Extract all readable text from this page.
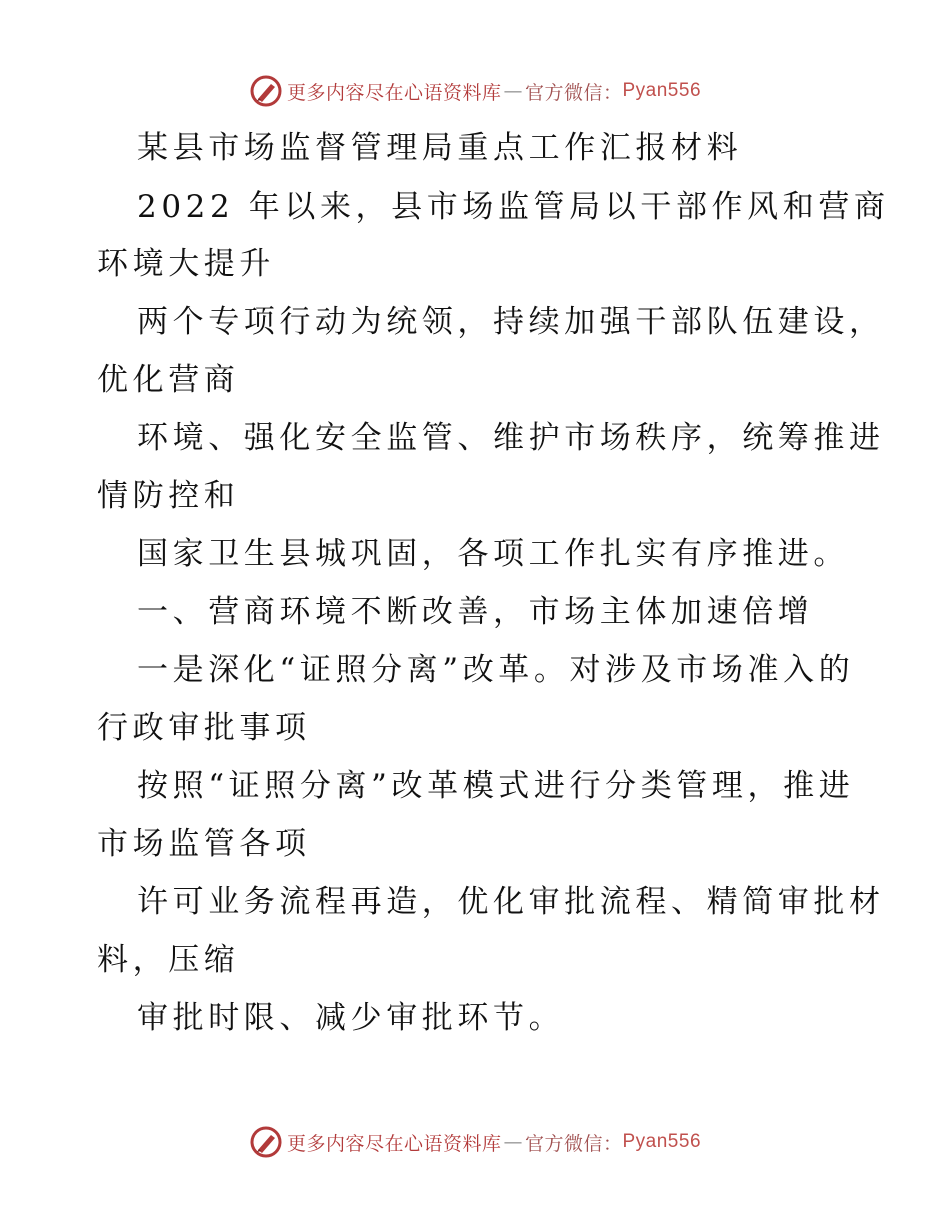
更多内容尽在心语资料库 — 官方微信： Pyan556
某县市场监督管理局重点工作汇报材料
2022 年以来，县市场监管局以干部作风和营商
环境大提升
两个专项行动为统领，持续加强干部队伍建设，
优化营商
环境、强化安全监管、维护市场秩序，统筹推进
情防控和
国家卫生县城巩固，各项工作扎实有序推进。
一、营商环境不断改善，市场主体加速倍增
一是深化“证照分离”改革。对涉及市场准入的
行政审批事项
按照“证照分离”改革模式进行分类管理，推进
市场监管各项
许可业务流程再造，优化审批流程、精简审批材
料，压缩
审批时限、减少审批环节。
更多内容尽在心语资料库 — 官方微信： Pyan556
